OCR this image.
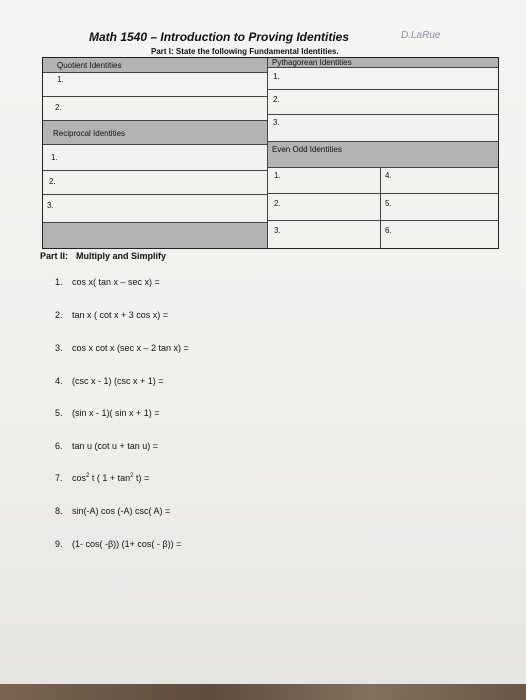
Math 1540 – Introduction to Proving Identities	D.LaRue
Part I: State the following Fundamental Identities.
Quotient Identities
1.
2.
Reciprocal Identities
1.
2.
3.
Pythagorean Identities
1.
2.
3.
Even Odd Identities
1.	4.
2.	5.
3.	6.
Part II: Multiply and Simplify
1. cos x( tan x – sec x) =
2. tan x ( cot x + 3 cos x) =
3. cos x cot x (sec x – 2 tan x) =
4. (csc x - 1) (csc x + 1) =
5. (sin x - 1)( sin x + 1) =
6. tan u (cot u + tan u) =
7. $\cos^2 t$ ( $1 + \tan^2 t$) =
8. sin(-A) cos (-A) csc( A) =
9. (1- cos( -β)) (1+ cos( - β)) =
